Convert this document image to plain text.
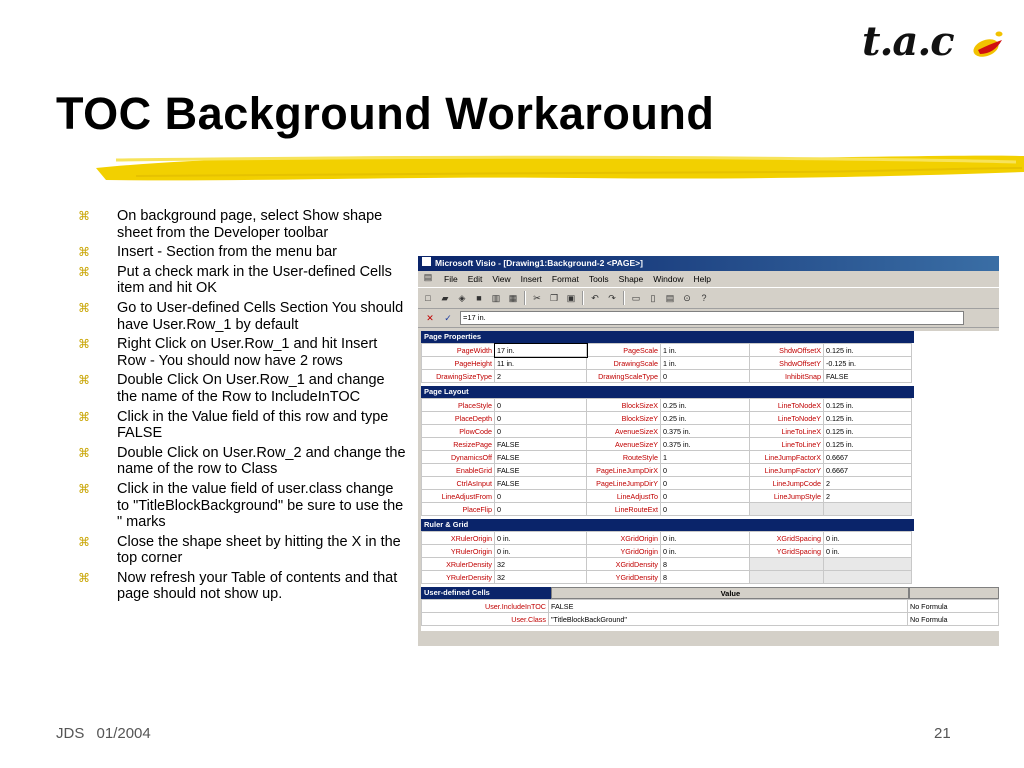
t.a.c
TOC Background Workaround
⌘ On background page, select Show shape sheet from the Developer toolbar
⌘ Insert - Section from the menu bar
⌘ Put a check mark in the User-defined Cells item and hit OK
⌘ Go to User-defined Cells Section You should have User.Row_1 by default
⌘ Right Click on User.Row_1 and hit Insert Row - You should now have 2 rows
⌘ Double Click On User.Row_1 and change the name of the Row to IncludeInTOC
⌘ Click in the Value field of this row and type FALSE
⌘ Double Click on User.Row_2 and change the name of the row to Class
⌘ Click in the value field of user.class change to "TitleBlockBackground" be sure to use the " marks
⌘ Close the shape sheet by hitting the X in the top corner
⌘ Now refresh your Table of contents and that page should not show up.
Microsoft Visio - [Drawing1:Background-2 <PAGE>]
▤ File Edit View Insert Format Tools Shape Window Help
□	▰ ◈	■	▥ ▦ ✂ ❐ ▣ ↶ ↷ ▭	▯	▤ ⊙	?
✕ ✓	=17 in.
Page Properties
PageWidth	17 in.	PageScale	1 in.	ShdwOffsetX	0.125 in.
PageHeight	11 in.	DrawingScale	1 in.	ShdwOffsetY	-0.125 in.
DrawingSizeType	2	DrawingScaleType	0	InhibitSnap	FALSE
Page Layout
PlaceStyle	0	BlockSizeX	0.25 in.	LineToNodeX	0.125 in.
PlaceDepth	0	BlockSizeY	0.25 in.	LineToNodeY	0.125 in.
PlowCode	0	AvenueSizeX	0.375 in.	LineToLineX	0.125 in.
ResizePage	FALSE	AvenueSizeY	0.375 in.	LineToLineY	0.125 in.
DynamicsOff	FALSE	RouteStyle	1	LineJumpFactorX	0.6667
EnableGrid	FALSE	PageLineJumpDirX	0	LineJumpFactorY	0.6667
CtrlAsInput	FALSE	PageLineJumpDirY	0	LineJumpCode	2
LineAdjustFrom	0	LineAdjustTo	0	LineJumpStyle	2
PlaceFlip	0	LineRouteExt	0		
Ruler & Grid
XRulerOrigin	0 in.	XGridOrigin	0 in.	XGridSpacing	0 in.
YRulerOrigin	0 in.	YGridOrigin	0 in.	YGridSpacing	0 in.
XRulerDensity	32	XGridDensity	8		
YRulerDensity	32	YGridDensity	8		
User-defined Cells	Value
User.IncludeInTOC	FALSE	No Formula
User.Class	"TitleBlockBackGround"	No Formula
JDS 01/2004	21
